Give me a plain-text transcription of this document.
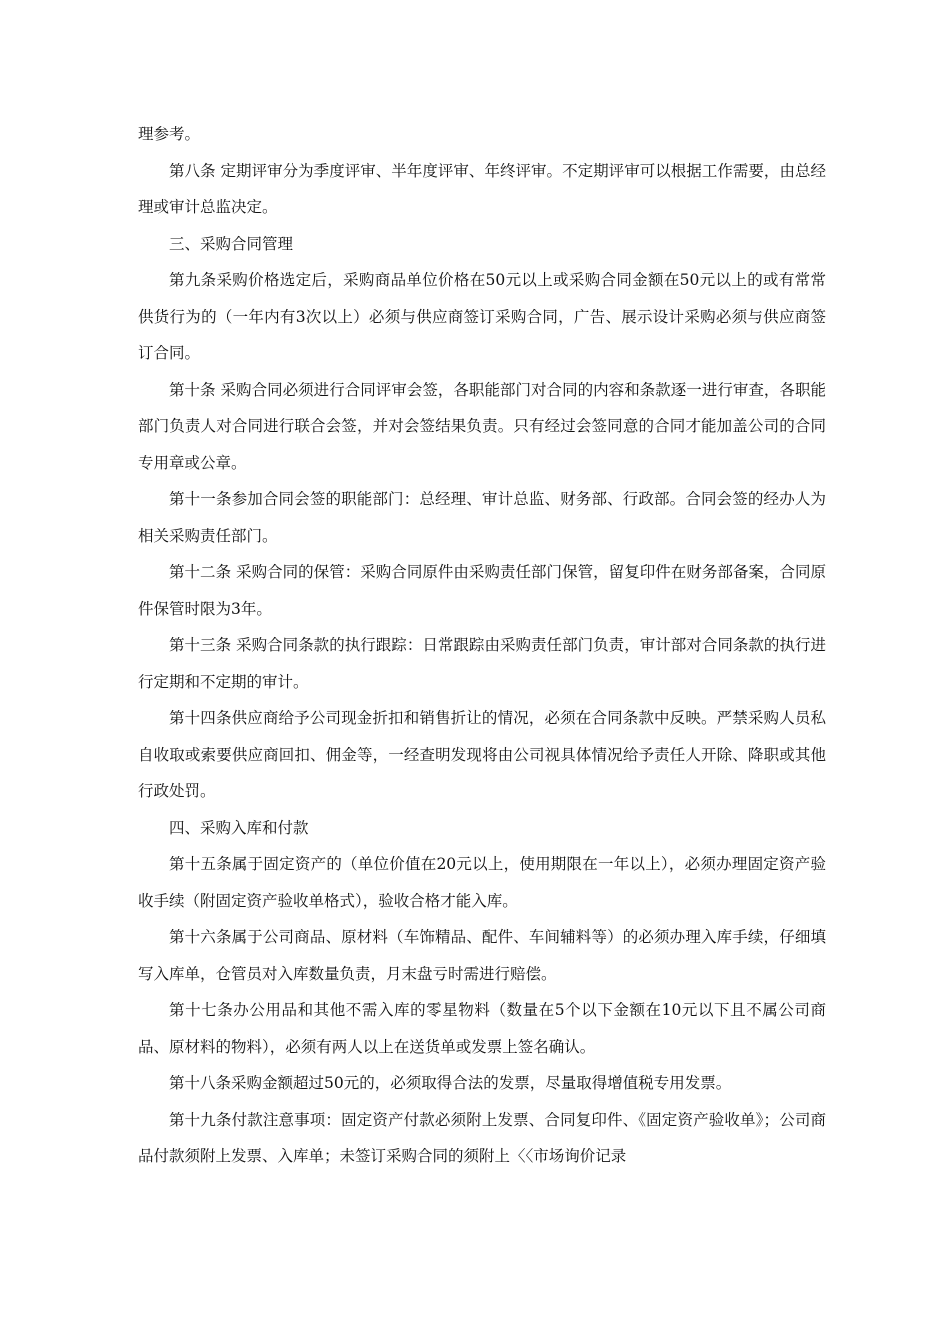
理参考。

第八条 定期评审分为季度评审、半年度评审、年终评审。不定期评审可以根据工作需要，由总经理或审计总监决定。

三、采购合同管理

第九条采购价格选定后，采购商品单位价格在50元以上或采购合同金额在50元以上的或有常常供货行为的（一年内有3次以上）必须与供应商签订采购合同，广告、展示设计采购必须与供应商签订合同。

第十条 采购合同必须进行合同评审会签，各职能部门对合同的内容和条款逐一进行审查，各职能部门负责人对合同进行联合会签，并对会签结果负责。只有经过会签同意的合同才能加盖公司的合同专用章或公章。

第十一条参加合同会签的职能部门：总经理、审计总监、财务部、行政部。合同会签的经办人为相关采购责任部门。

第十二条 采购合同的保管：采购合同原件由采购责任部门保管，留复印件在财务部备案，合同原件保管时限为3年。

第十三条 采购合同条款的执行跟踪：日常跟踪由采购责任部门负责，审计部对合同条款的执行进行定期和不定期的审计。

第十四条供应商给予公司现金折扣和销售折让的情况，必须在合同条款中反映。严禁采购人员私自收取或索要供应商回扣、佣金等，一经查明发现将由公司视具体情况给予责任人开除、降职或其他行政处罚。

四、采购入库和付款

第十五条属于固定资产的（单位价值在20元以上，使用期限在一年以上），必须办理固定资产验收手续（附固定资产验收单格式），验收合格才能入库。

第十六条属于公司商品、原材料（车饰精品、配件、车间辅料等）的必须办理入库手续，仔细填写入库单，仓管员对入库数量负责，月末盘亏时需进行赔偿。

第十七条办公用品和其他不需入库的零星物料（数量在5个以下金额在10元以下且不属公司商品、原材料的物料），必须有两人以上在送货单或发票上签名确认。

第十八条采购金额超过50元的，必须取得合法的发票，尽量取得增值税专用发票。

第十九条付款注意事项：固定资产付款必须附上发票、合同复印件、《固定资产验收单》；公司商品付款须附上发票、入库单；未签订采购合同的须附上〈〈市场询价记录
